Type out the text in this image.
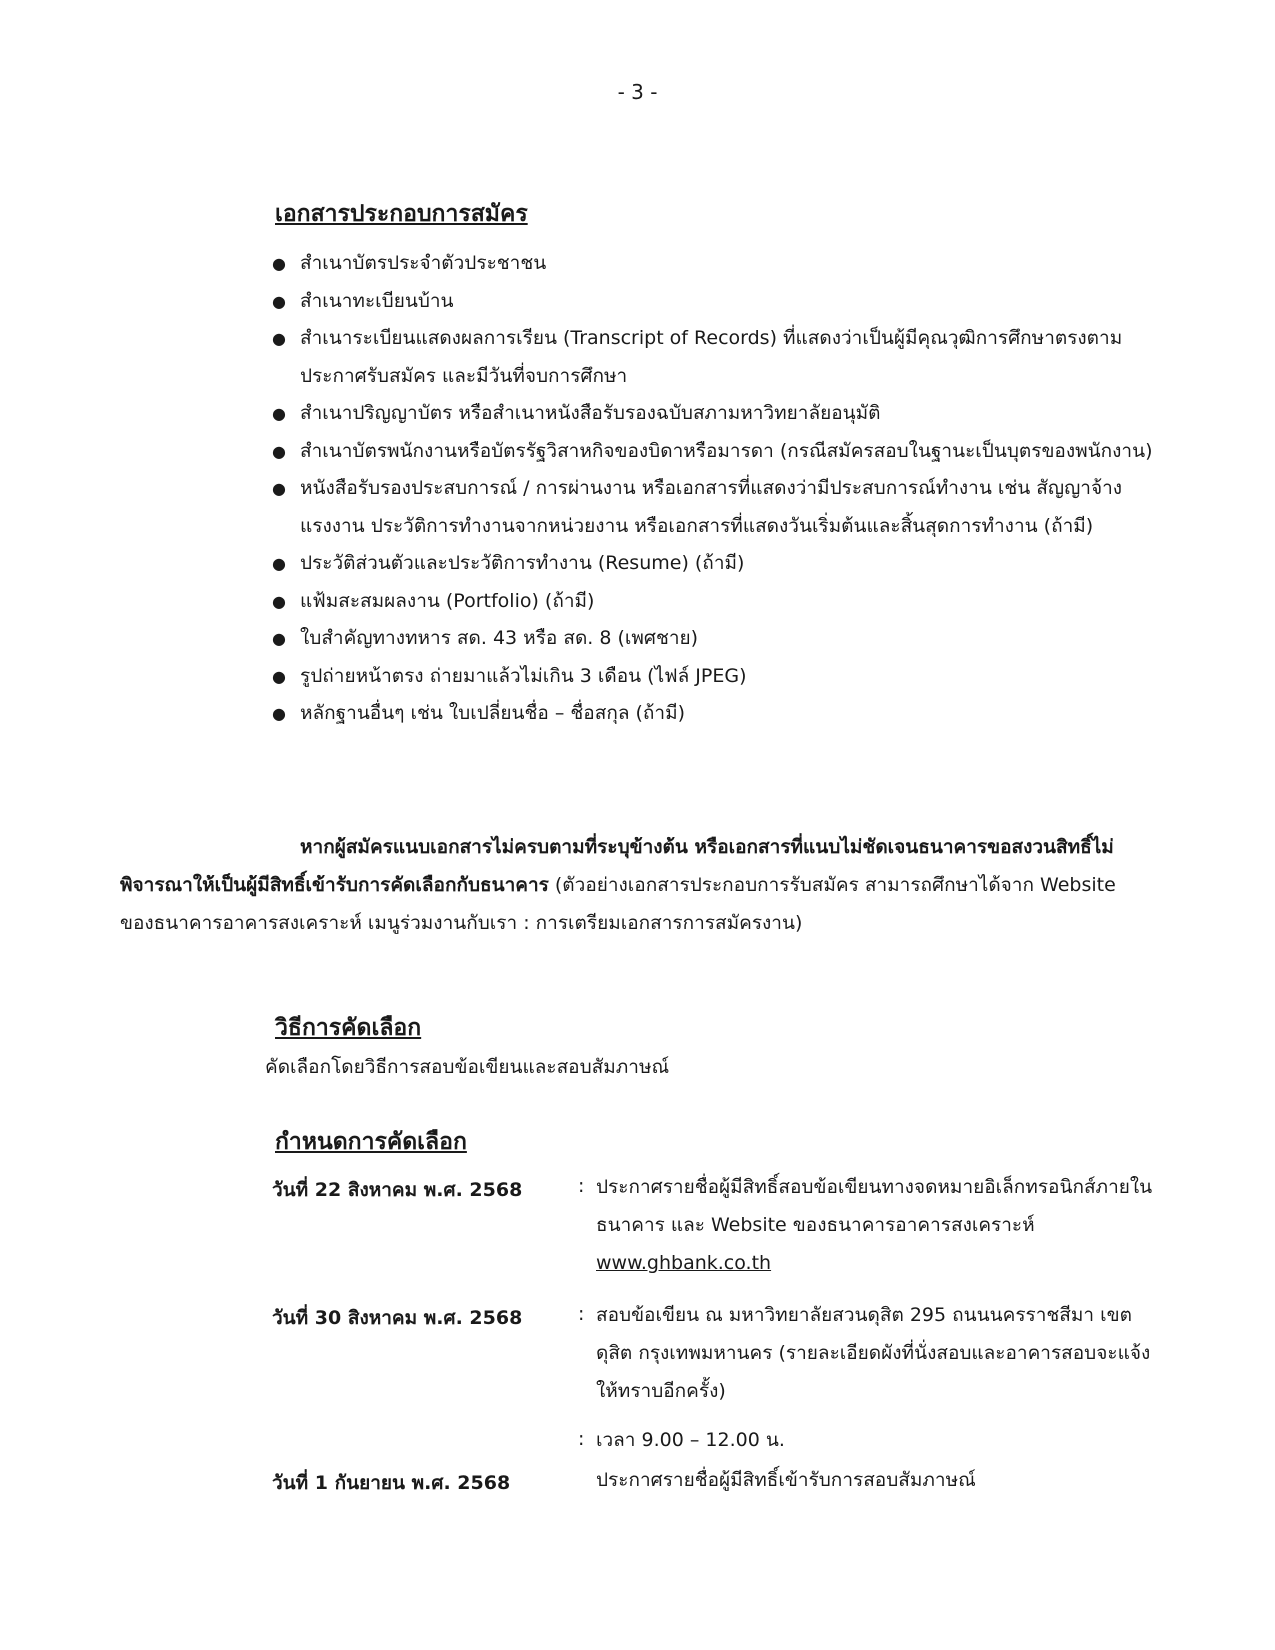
- 3 -
เอกสารประกอบการสมัคร
● สำเนาบัตรประจำตัวประชาชน
● สำเนาทะเบียนบ้าน
● สำเนาระเบียนแสดงผลการเรียน (Transcript of Records) ที่แสดงว่าเป็นผู้มีคุณวุฒิการศึกษาตรงตามประกาศรับสมัคร และมีวันที่จบการศึกษา
● สำเนาปริญญาบัตร หรือสำเนาหนังสือรับรองฉบับสภามหาวิทยาลัยอนุมัติ
● สำเนาบัตรพนักงานหรือบัตรรัฐวิสาหกิจของบิดาหรือมารดา (กรณีสมัครสอบในฐานะเป็นบุตรของพนักงาน)
● หนังสือรับรองประสบการณ์ / การผ่านงาน หรือเอกสารที่แสดงว่ามีประสบการณ์ทำงาน เช่น สัญญาจ้างแรงงาน ประวัติการทำงานจากหน่วยงาน หรือเอกสารที่แสดงวันเริ่มต้นและสิ้นสุดการทำงาน (ถ้ามี)
● ประวัติส่วนตัวและประวัติการทำงาน (Resume) (ถ้ามี)
● แฟ้มสะสมผลงาน (Portfolio) (ถ้ามี)
● ใบสำคัญทางทหาร สด. 43 หรือ สด. 8 (เพศชาย)
● รูปถ่ายหน้าตรง ถ่ายมาแล้วไม่เกิน 3 เดือน (ไฟล์ JPEG)
● หลักฐานอื่นๆ เช่น ใบเปลี่ยนชื่อ – ชื่อสกุล (ถ้ามี)
หากผู้สมัครแนบเอกสารไม่ครบตามที่ระบุข้างต้น หรือเอกสารที่แนบไม่ชัดเจนธนาคารขอสงวนสิทธิ์ไม่พิจารณาให้เป็นผู้มีสิทธิ์เข้ารับการคัดเลือกกับธนาคาร (ตัวอย่างเอกสารประกอบการรับสมัคร สามารถศึกษาได้จาก Website ของธนาคารอาคารสงเคราะห์ เมนูร่วมงานกับเรา : การเตรียมเอกสารการสมัครงาน)
วิธีการคัดเลือก
คัดเลือกโดยวิธีการสอบข้อเขียนและสอบสัมภาษณ์
กำหนดการคัดเลือก
วันที่ 22 สิงหาคม พ.ศ. 2568	: ประกาศรายชื่อผู้มีสิทธิ์สอบข้อเขียนทางจดหมายอิเล็กทรอนิกส์ภายในธนาคาร และ Website ของธนาคารอาคารสงเคราะห์
www.ghbank.co.th
วันที่ 30 สิงหาคม พ.ศ. 2568	: สอบข้อเขียน ณ มหาวิทยาลัยสวนดุสิต 295 ถนนนครราชสีมา เขตดุสิต กรุงเทพมหานคร (รายละเอียดผังที่นั่งสอบและอาคารสอบจะแจ้งให้ทราบอีกครั้ง)
: เวลา 9.00 – 12.00 น.
วันที่ 1 กันยายน พ.ศ. 2568	ประกาศรายชื่อผู้มีสิทธิ์เข้ารับการสอบสัมภาษณ์
